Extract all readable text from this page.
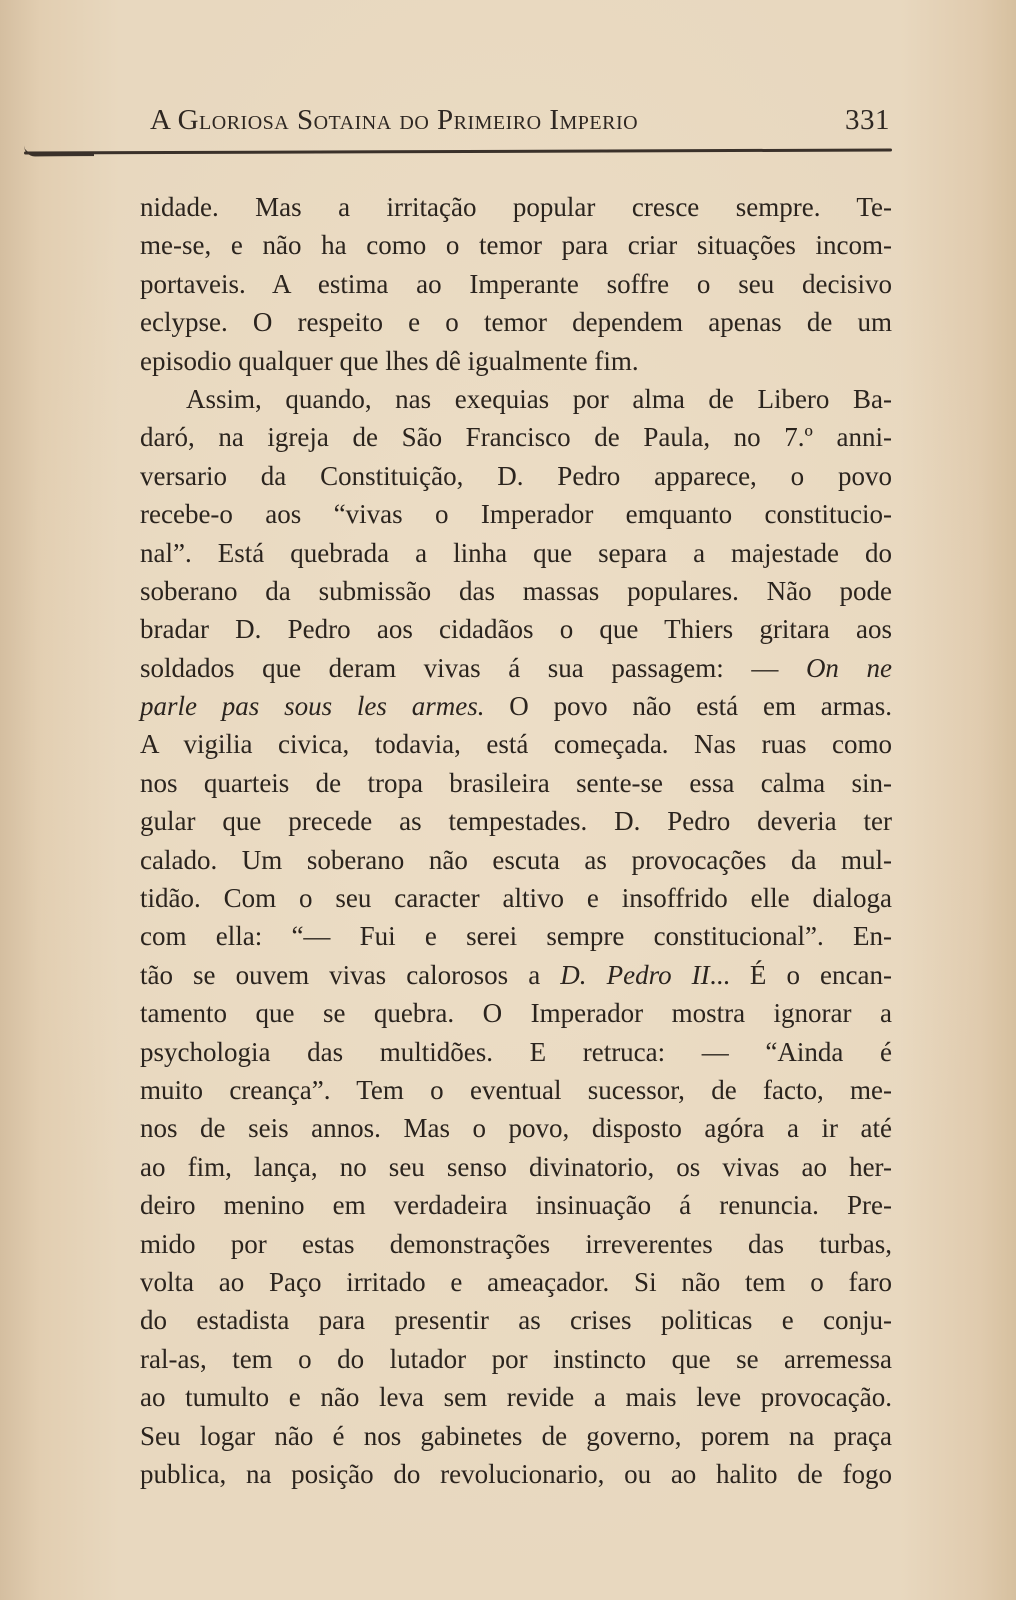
A Gloriosa Sotaina do Primeiro Imperio	331
nidade. Mas a irritação popular cresce sempre. Te-
me-se, e não ha como o temor para criar situações incom-
portaveis. A estima ao Imperante soffre o seu decisivo
eclypse. O respeito e o temor dependem apenas de um
episodio qualquer que lhes dê igualmente fim.
Assim, quando, nas exequias por alma de Libero Ba-
daró, na igreja de São Francisco de Paula, no 7.º anni-
versario da Constituição, D. Pedro apparece, o povo
recebe-o aos “vivas o Imperador emquanto constitucio-
nal”. Está quebrada a linha que separa a majestade do
soberano da submissão das massas populares. Não pode
bradar D. Pedro aos cidadãos o que Thiers gritara aos
soldados que deram vivas á sua passagem: — On ne
parle pas sous les armes. O povo não está em armas.
A vigilia civica, todavia, está começada. Nas ruas como
nos quarteis de tropa brasileira sente-se essa calma sin-
gular que precede as tempestades. D. Pedro deveria ter
calado. Um soberano não escuta as provocações da mul-
tidão. Com o seu caracter altivo e insoffrido elle dialoga
com ella: “— Fui e serei sempre constitucional”. En-
tão se ouvem vivas calorosos a D. Pedro II... É o encan-
tamento que se quebra. O Imperador mostra ignorar a
psychologia das multidões. E retruca: — “Ainda é
muito creança”. Tem o eventual sucessor, de facto, me-
nos de seis annos. Mas o povo, disposto agóra a ir até
ao fim, lança, no seu senso divinatorio, os vivas ao her-
deiro menino em verdadeira insinuação á renuncia. Pre-
mido por estas demonstrações irreverentes das turbas,
volta ao Paço irritado e ameaçador. Si não tem o faro
do estadista para presentir as crises politicas e conju-
ral-as, tem o do lutador por instincto que se arremessa
ao tumulto e não leva sem revide a mais leve provocação.
Seu logar não é nos gabinetes de governo, porem na praça
publica, na posição do revolucionario, ou ao halito de fogo
